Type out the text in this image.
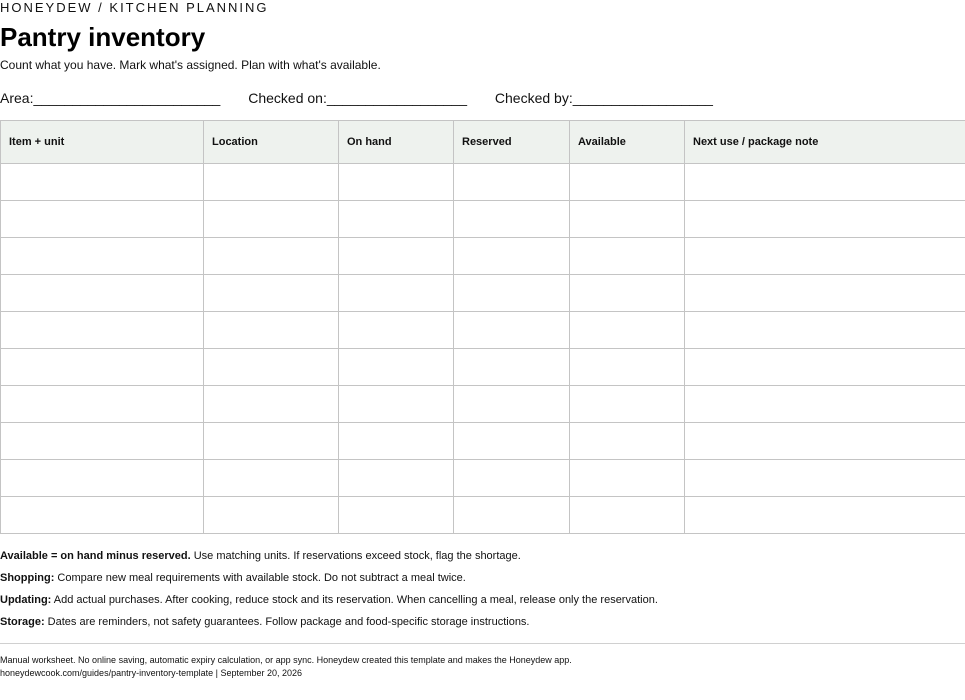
HONEYDEW / KITCHEN PLANNING
Pantry inventory
Count what you have. Mark what's assigned. Plan with what's available.
Area:________________________ Checked on:__________________ Checked by:__________________
Item + unit	Location	On hand	Reserved	Available	Next use / package note

Available = on hand minus reserved. Use matching units. If reservations exceed stock, flag the shortage.
Shopping: Compare new meal requirements with available stock. Do not subtract a meal twice.
Updating: Add actual purchases. After cooking, reduce stock and its reservation. When cancelling a meal, release only the reservation.
Storage: Dates are reminders, not safety guarantees. Follow package and food-specific storage instructions.
Manual worksheet. No online saving, automatic expiry calculation, or app sync. Honeydew created this template and makes the Honeydew app.
honeydewcook.com/guides/pantry-inventory-template | September 20, 2026
